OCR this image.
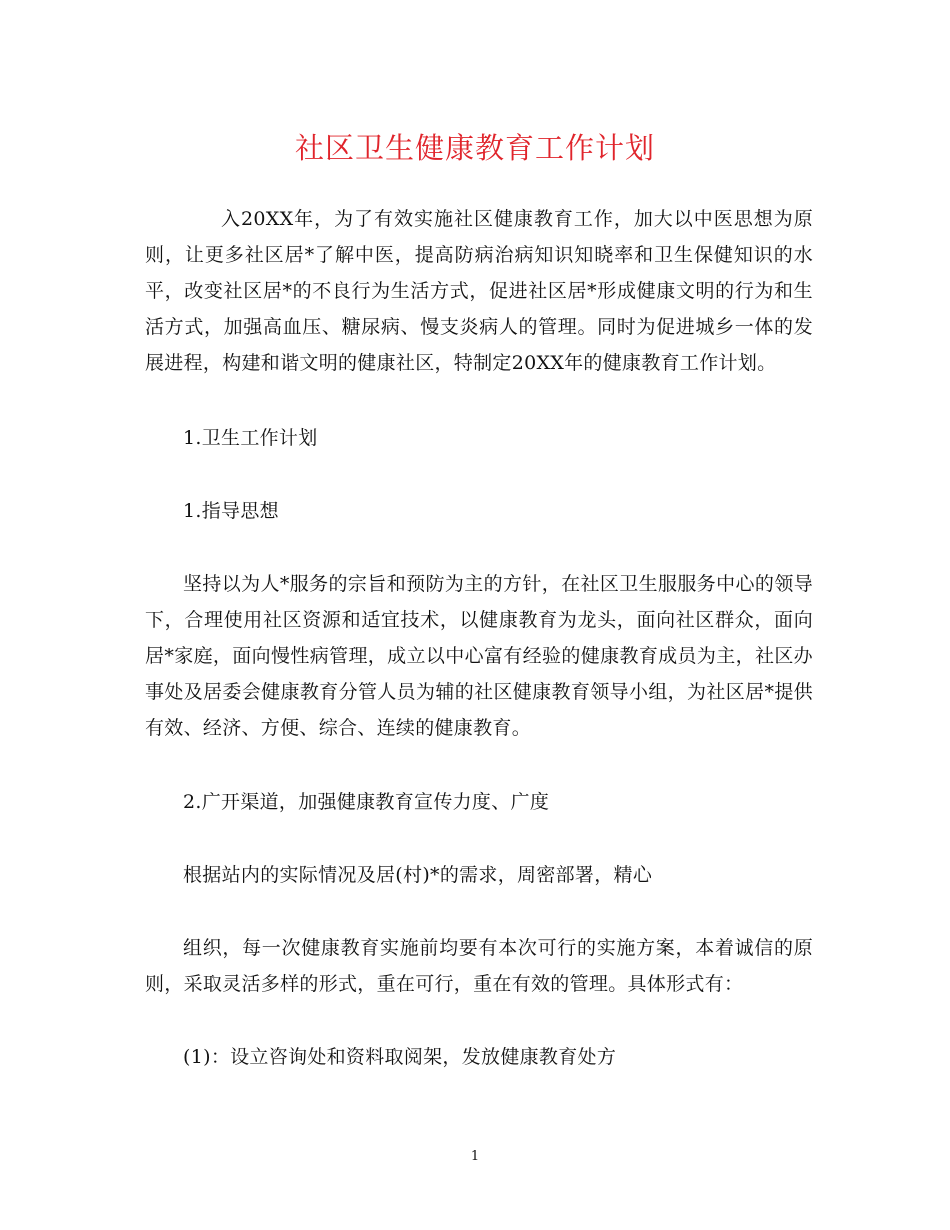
社区卫生健康教育工作计划

入20XX年，为了有效实施社区健康教育工作，加大以中医思想为原则，让更多社区居*了解中医，提高防病治病知识知晓率和卫生保健知识的水平，改变社区居*的不良行为生活方式，促进社区居*形成健康文明的行为和生活方式，加强高血压、糖尿病、慢支炎病人的管理。同时为促进城乡一体的发展进程，构建和谐文明的健康社区，特制定20XX年的健康教育工作计划。

1.卫生工作计划

1.指导思想

坚持以为人*服务的宗旨和预防为主的方针，在社区卫生服服务中心的领导下，合理使用社区资源和适宜技术，以健康教育为龙头，面向社区群众，面向居*家庭，面向慢性病管理，成立以中心富有经验的健康教育成员为主，社区办事处及居委会健康教育分管人员为辅的社区健康教育领导小组，为社区居*提供有效、经济、方便、综合、连续的健康教育。

2.广开渠道，加强健康教育宣传力度、广度

根据站内的实际情况及居(村)*的需求，周密部署，精心

组织，每一次健康教育实施前均要有本次可行的实施方案，本着诚信的原则，采取灵活多样的形式，重在可行，重在有效的管理。具体形式有：

(1)：设立咨询处和资料取阅架，发放健康教育处方

1
